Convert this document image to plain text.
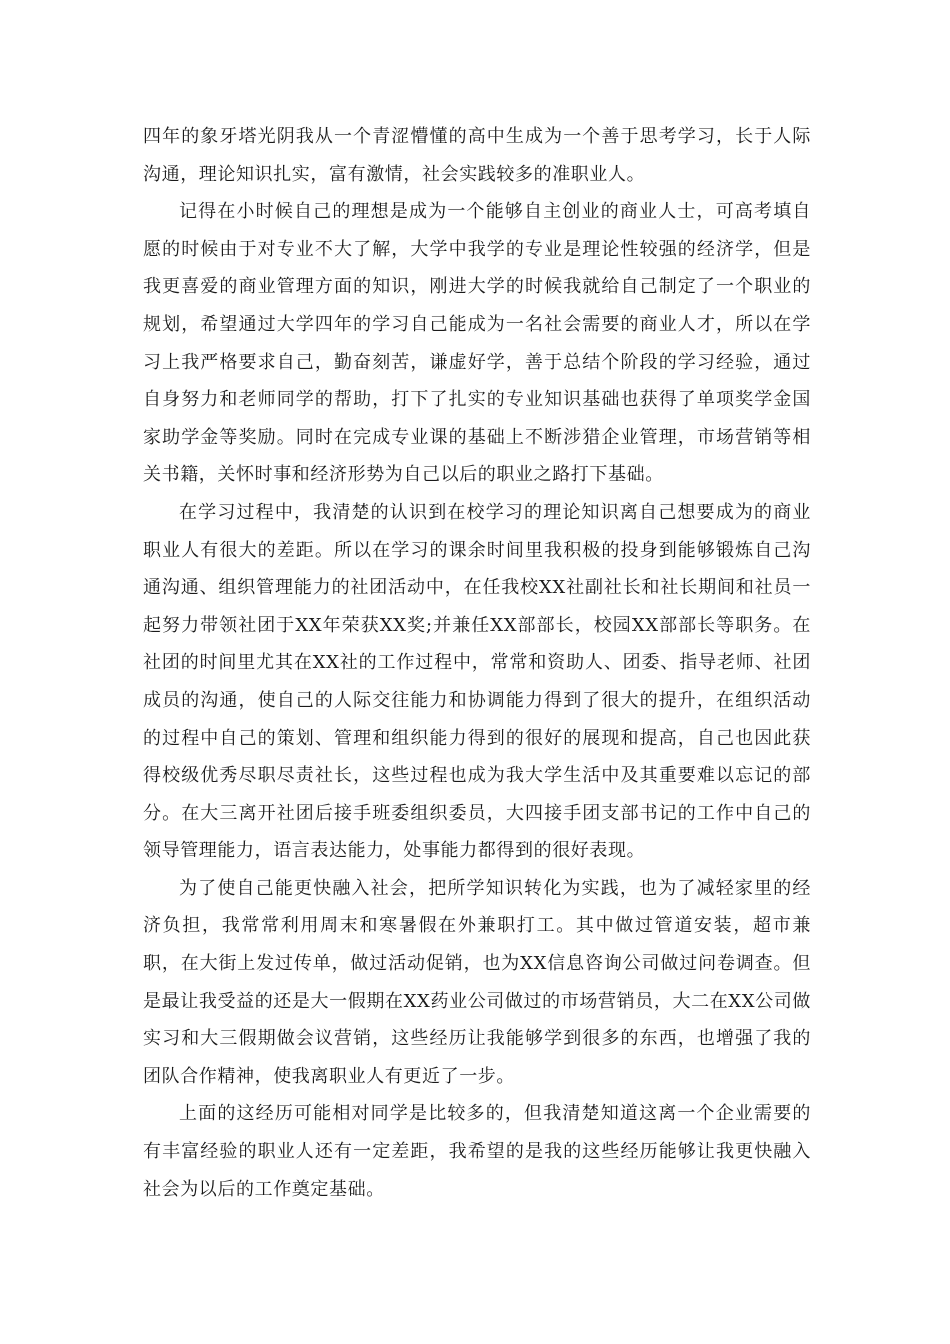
四年的象牙塔光阴我从一个青涩懵懂的高中生成为一个善于思考学习，长于人际沟通，理论知识扎实，富有激情，社会实践较多的准职业人。

记得在小时候自己的理想是成为一个能够自主创业的商业人士，可高考填自愿的时候由于对专业不大了解，大学中我学的专业是理论性较强的经济学，但是我更喜爱的商业管理方面的知识，刚进大学的时候我就给自己制定了一个职业的规划，希望通过大学四年的学习自己能成为一名社会需要的商业人才，所以在学习上我严格要求自己，勤奋刻苦，谦虚好学，善于总结个阶段的学习经验，通过自身努力和老师同学的帮助，打下了扎实的专业知识基础也获得了单项奖学金国家助学金等奖励。同时在完成专业课的基础上不断涉猎企业管理，市场营销等相关书籍，关怀时事和经济形势为自己以后的职业之路打下基础。

在学习过程中，我清楚的认识到在校学习的理论知识离自己想要成为的商业职业人有很大的差距。所以在学习的课余时间里我积极的投身到能够锻炼自己沟通沟通、组织管理能力的社团活动中，在任我校XX社副社长和社长期间和社员一起努力带领社团于XX年荣获XX奖;并兼任XX部部长，校园XX部部长等职务。在社团的时间里尤其在XX社的工作过程中，常常和资助人、团委、指导老师、社团成员的沟通，使自己的人际交往能力和协调能力得到了很大的提升，在组织活动的过程中自己的策划、管理和组织能力得到的很好的展现和提高，自己也因此获得校级优秀尽职尽责社长，这些过程也成为我大学生活中及其重要难以忘记的部分。在大三离开社团后接手班委组织委员，大四接手团支部书记的工作中自己的领导管理能力，语言表达能力，处事能力都得到的很好表现。

为了使自己能更快融入社会，把所学知识转化为实践，也为了减轻家里的经济负担，我常常利用周末和寒暑假在外兼职打工。其中做过管道安装，超市兼职，在大街上发过传单，做过活动促销，也为XX信息咨询公司做过问卷调查。但是最让我受益的还是大一假期在XX药业公司做过的市场营销员，大二在XX公司做实习和大三假期做会议营销，这些经历让我能够学到很多的东西，也增强了我的团队合作精神，使我离职业人有更近了一步。

上面的这经历可能相对同学是比较多的，但我清楚知道这离一个企业需要的有丰富经验的职业人还有一定差距，我希望的是我的这些经历能够让我更快融入社会为以后的工作奠定基础。
